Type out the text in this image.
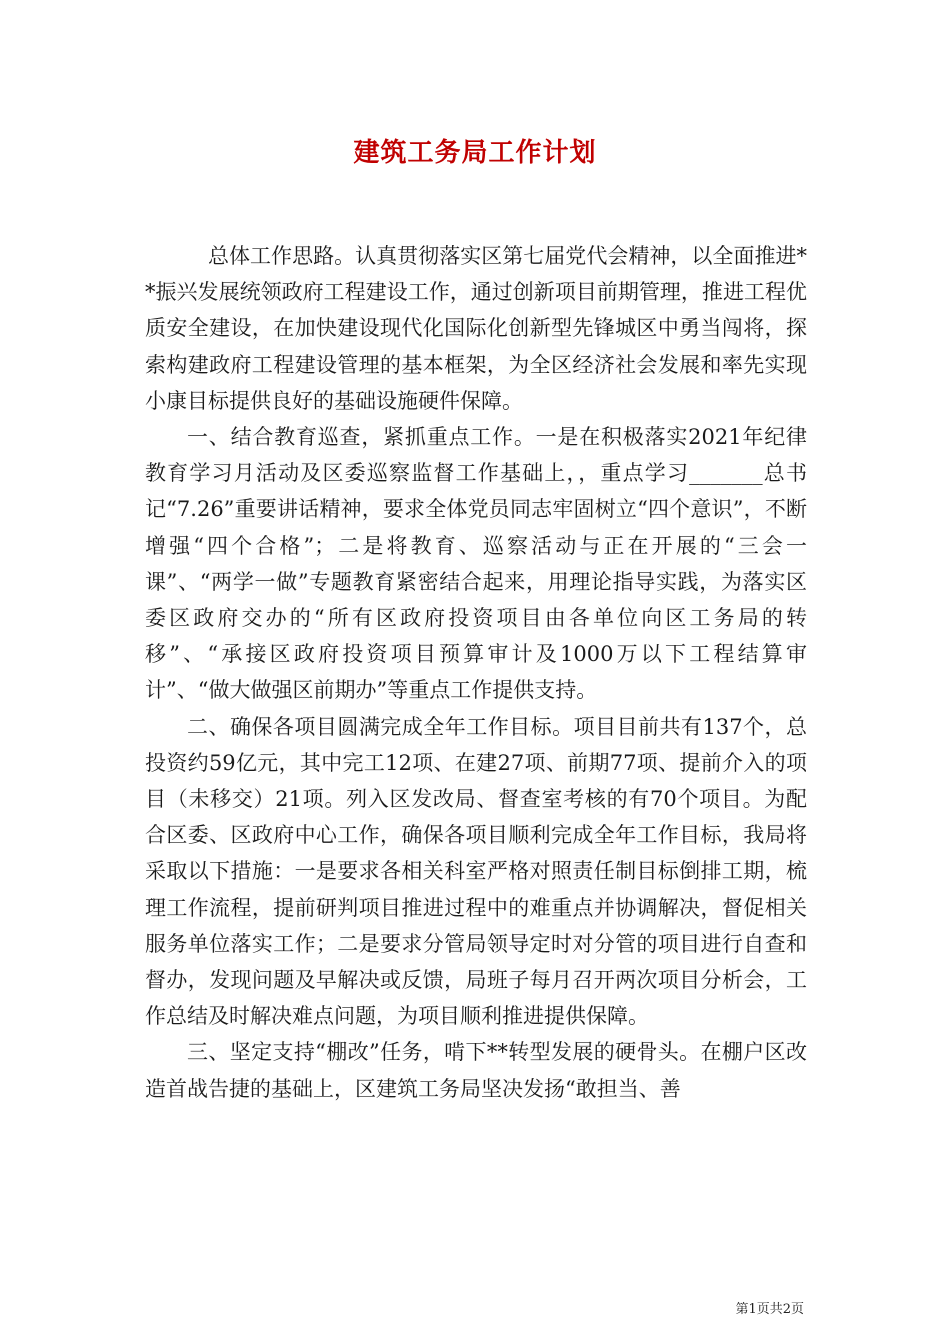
建筑工务局工作计划

总体工作思路。认真贯彻落实区第七届党代会精神，以全面推进**振兴发展统领政府工程建设工作，通过创新项目前期管理，推进工程优质安全建设，在加快建设现代化国际化创新型先锋城区中勇当闯将，探索构建政府工程建设管理的基本框架，为全区经济社会发展和率先实现小康目标提供良好的基础设施硬件保障。

一、结合教育巡查，紧抓重点工作。一是在积极落实2021年纪律教育学习月活动及区委巡察监督工作基础上，，重点学习_______总书记“7.26”重要讲话精神，要求全体党员同志牢固树立“四个意识”，不断增强“四个合格”；二是将教育、巡察活动与正在开展的“三会一课”、“两学一做”专题教育紧密结合起来，用理论指导实践，为落实区委区政府交办的“所有区政府投资项目由各单位向区工务局的转移”、“承接区政府投资项目预算审计及1000万以下工程结算审计”、“做大做强区前期办”等重点工作提供支持。

二、确保各项目圆满完成全年工作目标。项目目前共有137个，总投资约59亿元，其中完工12项、在建27项、前期77项、提前介入的项目（未移交）21项。列入区发改局、督查室考核的有70个项目。为配合区委、区政府中心工作，确保各项目顺利完成全年工作目标，我局将采取以下措施：一是要求各相关科室严格对照责任制目标倒排工期，梳理工作流程，提前研判项目推进过程中的难重点并协调解决，督促相关服务单位落实工作；二是要求分管局领导定时对分管的项目进行自查和督办，发现问题及早解决或反馈，局班子每月召开两次项目分析会，工作总结及时解决难点问题，为项目顺利推进提供保障。

三、坚定支持“棚改”任务，啃下**转型发展的硬骨头。在棚户区改造首战告捷的基础上，区建筑工务局坚决发扬“敢担当、善

第1页共2页
